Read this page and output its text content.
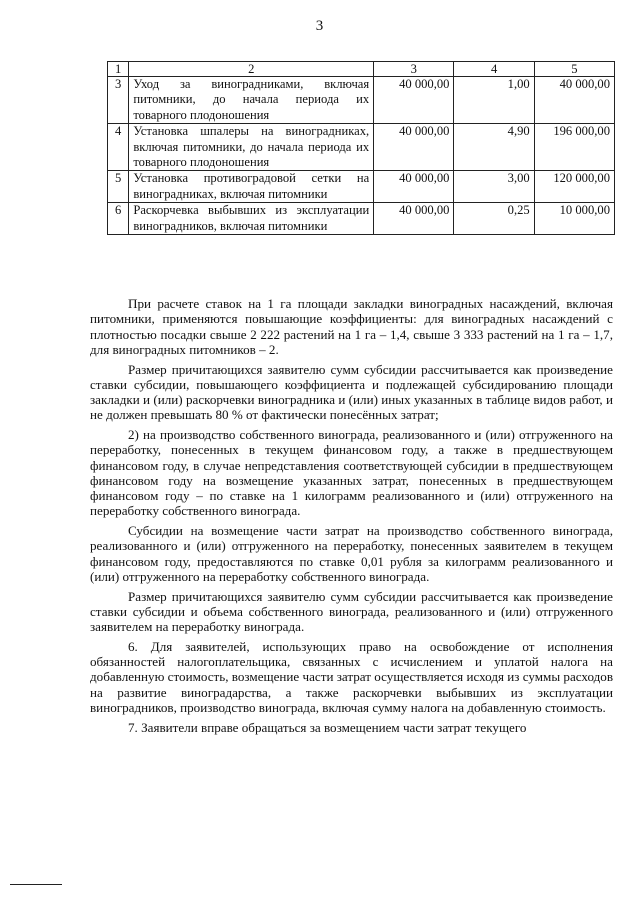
3
1	2	3	4	5
3	Уход за виноградниками, включая питомники, до начала периода их товарного плодоношения	40 000,00	1,00	40 000,00
4	Установка шпалеры на виноградниках, включая питомники, до начала периода их товарного плодоношения	40 000,00	4,90	196 000,00
5	Установка противоградовой сетки на виноградниках, включая питомники	40 000,00	3,00	120 000,00
6	Раскорчевка выбывших из эксплуатации виноградников, включая питомники	40 000,00	0,25	10 000,00

При расчете ставок на 1 га площади закладки виноградных насаждений, включая питомники, применяются повышающие коэффициенты: для виноградных насаждений с плотностью посадки свыше 2 222 растений на 1 га – 1,4, свыше 3 333 растений на 1 га – 1,7, для виноградных питомников – 2.

Размер причитающихся заявителю сумм субсидии рассчитывается как произведение ставки субсидии, повышающего коэффициента и подлежащей субсидированию площади закладки и (или) раскорчевки виноградника и (или) иных указанных в таблице видов работ, и не должен превышать 80 % от фактически понесённых затрат;

2) на производство собственного винограда, реализованного и (или) отгруженного на переработку, понесенных в текущем финансовом году, а также в предшествующем финансовом году, в случае непредставления соответствующей субсидии в предшествующем финансовом году на возмещение указанных затрат, понесенных в предшествующем финансовом году – по ставке на 1 килограмм реализованного и (или) отгруженного на переработку собственного винограда.

Субсидии на возмещение части затрат на производство собственного винограда, реализованного и (или) отгруженного на переработку, понесенных заявителем в текущем финансовом году, предоставляются по ставке 0,01 рубля за килограмм реализованного и (или) отгруженного на переработку собственного винограда.

Размер причитающихся заявителю сумм субсидии рассчитывается как произведение ставки субсидии и объема собственного винограда, реализованного и (или) отгруженного заявителем на переработку винограда.

6. Для заявителей, использующих право на освобождение от исполнения обязанностей налогоплательщика, связанных с исчислением и уплатой налога на добавленную стоимость, возмещение части затрат осуществляется исходя из суммы расходов на развитие виноградарства, а также раскорчевки выбывших из эксплуатации виноградников, производство винограда, включая сумму налога на добавленную стоимость.

7. Заявители вправе обращаться за возмещением части затрат текущего
